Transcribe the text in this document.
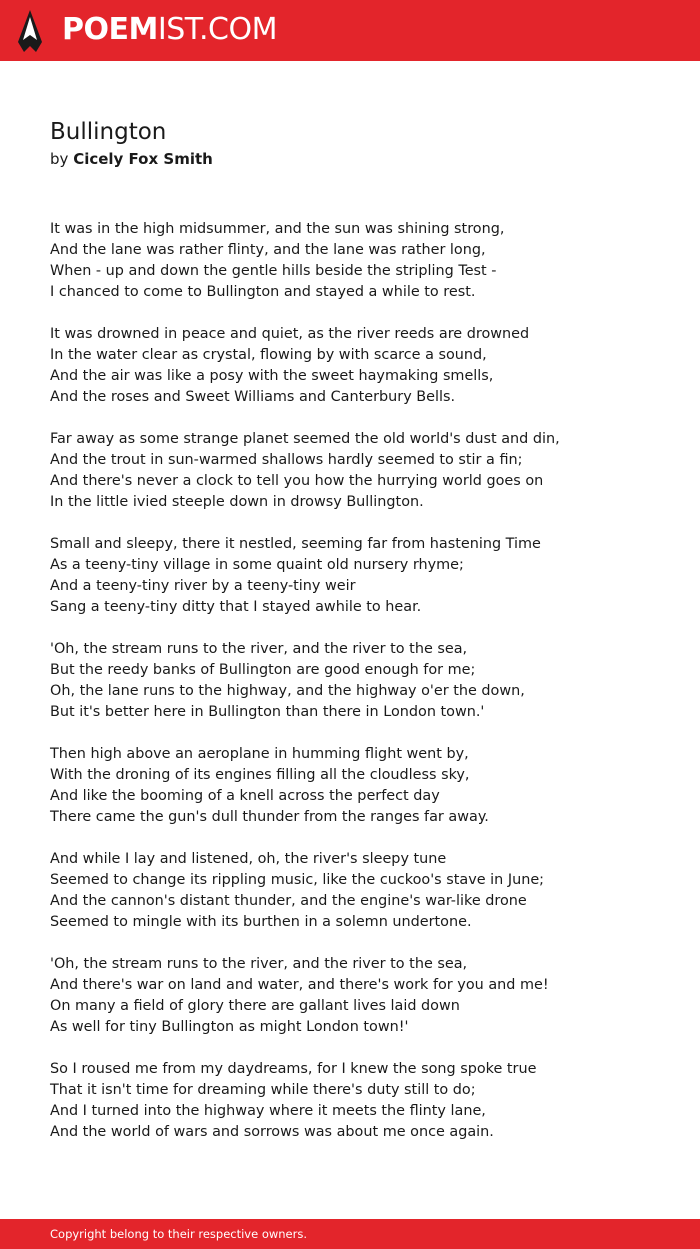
POEMIST.COM
Bullington
by Cicely Fox Smith
It was in the high midsummer, and the sun was shining strong,
And the lane was rather flinty, and the lane was rather long,
When - up and down the gentle hills beside the stripling Test -
I chanced to come to Bullington and stayed a while to rest.
It was drowned in peace and quiet, as the river reeds are drowned
In the water clear as crystal, flowing by with scarce a sound,
And the air was like a posy with the sweet haymaking smells,
And the roses and Sweet Williams and Canterbury Bells.
Far away as some strange planet seemed the old world's dust and din,
And the trout in sun-warmed shallows hardly seemed to stir a fin;
And there's never a clock to tell you how the hurrying world goes on
In the little ivied steeple down in drowsy Bullington.
Small and sleepy, there it nestled, seeming far from hastening Time
As a teeny-tiny village in some quaint old nursery rhyme;
And a teeny-tiny river by a teeny-tiny weir
Sang a teeny-tiny ditty that I stayed awhile to hear.
'Oh, the stream runs to the river, and the river to the sea,
But the reedy banks of Bullington are good enough for me;
Oh, the lane runs to the highway, and the highway o'er the down,
But it's better here in Bullington than there in London town.'
Then high above an aeroplane in humming flight went by,
With the droning of its engines filling all the cloudless sky,
And like the booming of a knell across the perfect day
There came the gun's dull thunder from the ranges far away.
And while I lay and listened, oh, the river's sleepy tune
Seemed to change its rippling music, like the cuckoo's stave in June;
And the cannon's distant thunder, and the engine's war-like drone
Seemed to mingle with its burthen in a solemn undertone.
'Oh, the stream runs to the river, and the river to the sea,
And there's war on land and water, and there's work for you and me!
On many a field of glory there are gallant lives laid down
As well for tiny Bullington as might London town!'
So I roused me from my daydreams, for I knew the song spoke true
That it isn't time for dreaming while there's duty still to do;
And I turned into the highway where it meets the flinty lane,
And the world of wars and sorrows was about me once again.
Copyright belong to their respective owners.
